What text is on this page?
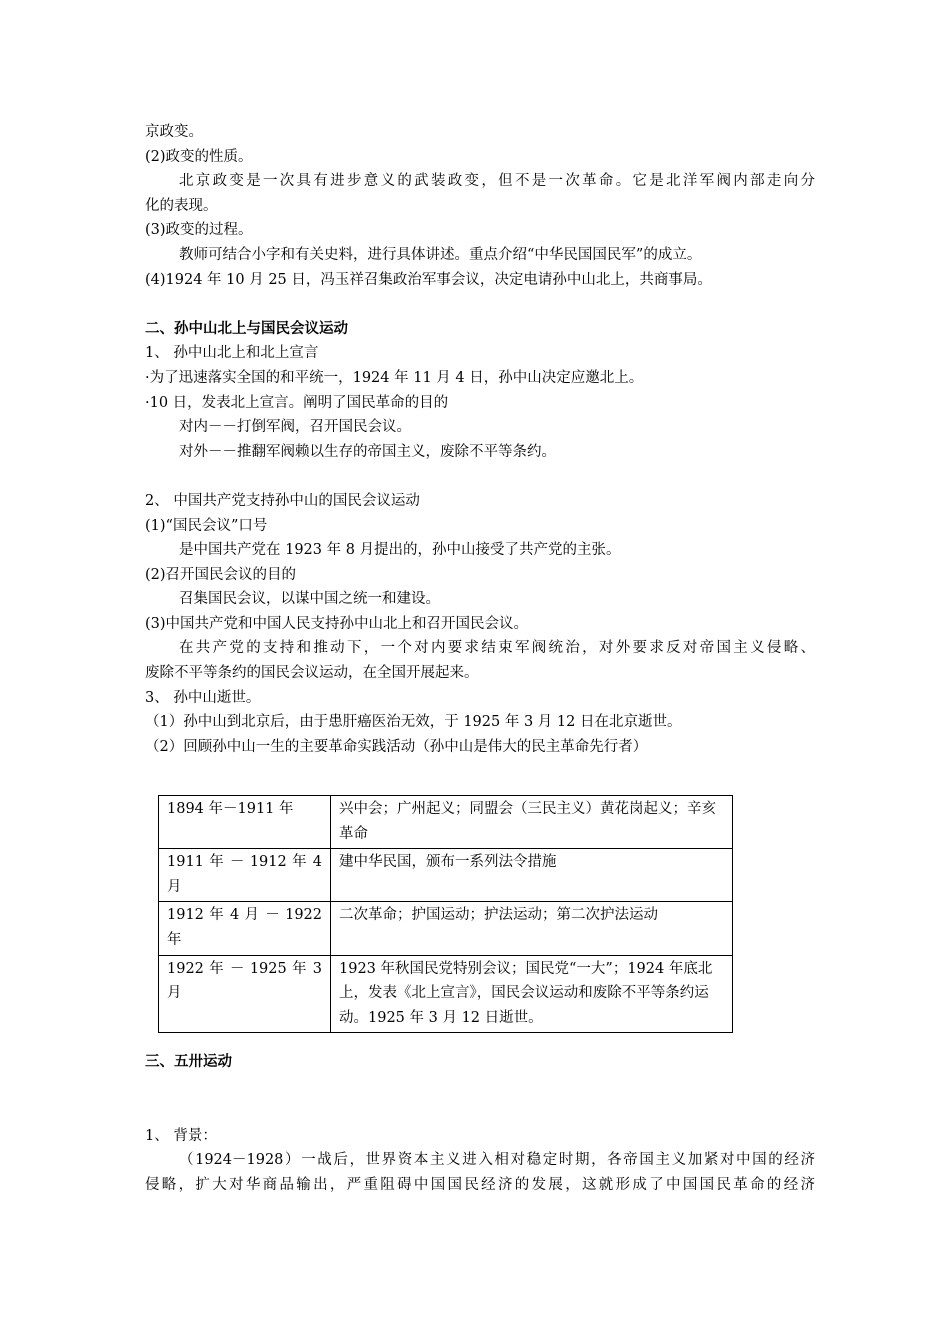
京政变。
(2)政变的性质。
北京政变是一次具有进步意义的武装政变，但不是一次革命。它是北洋军阀内部走向分
化的表现。
(3)政变的过程。
教师可结合小字和有关史料，进行具体讲述。重点介绍“中华民国国民军”的成立。
(4)1924 年 10 月 25 日，冯玉祥召集政治军事会议，决定电请孙中山北上，共商事局。
二、孙中山北上与国民会议运动
1、 孙中山北上和北上宣言
·为了迅速落实全国的和平统一，1924 年 11 月 4 日，孙中山决定应邀北上。
·10 日，发表北上宣言。阐明了国民革命的目的
对内－－打倒军阀，召开国民会议。
对外－－推翻军阀赖以生存的帝国主义，废除不平等条约。
2、 中国共产党支持孙中山的国民会议运动
(1)“国民会议”口号
是中国共产党在 1923 年 8 月提出的，孙中山接受了共产党的主张。
(2)召开国民会议的目的
召集国民会议，以谋中国之统一和建设。
(3)中国共产党和中国人民支持孙中山北上和召开国民会议。
在共产党的支持和推动下，一个对内要求结束军阀统治，对外要求反对帝国主义侵略、
废除不平等条约的国民会议运动，在全国开展起来。
3、 孙中山逝世。
（1）孙中山到北京后，由于患肝癌医治无效，于 1925 年 3 月 12 日在北京逝世。
（2）回顾孙中山一生的主要革命实践活动（孙中山是伟大的民主革命先行者）
1894 年－1911 年	兴中会；广州起义；同盟会（三民主义）黄花岗起义；辛亥革命
1911 年 － 1912 年 4 月	建中华民国，颁布一系列法令措施
1912 年 4 月 － 1922 年	二次革命；护国运动；护法运动；第二次护法运动
1922 年 － 1925 年 3 月	1923 年秋国民党特别会议；国民党“一大”；1924 年底北上，发表《北上宣言》，国民会议运动和废除不平等条约运动。1925 年 3 月 12 日逝世。
三、五卅运动
1、 背景：
（1924－1928）一战后，世界资本主义进入相对稳定时期，各帝国主义加紧对中国的经济
侵略，扩大对华商品输出，严重阻碍中国国民经济的发展，这就形成了中国国民革命的经济
